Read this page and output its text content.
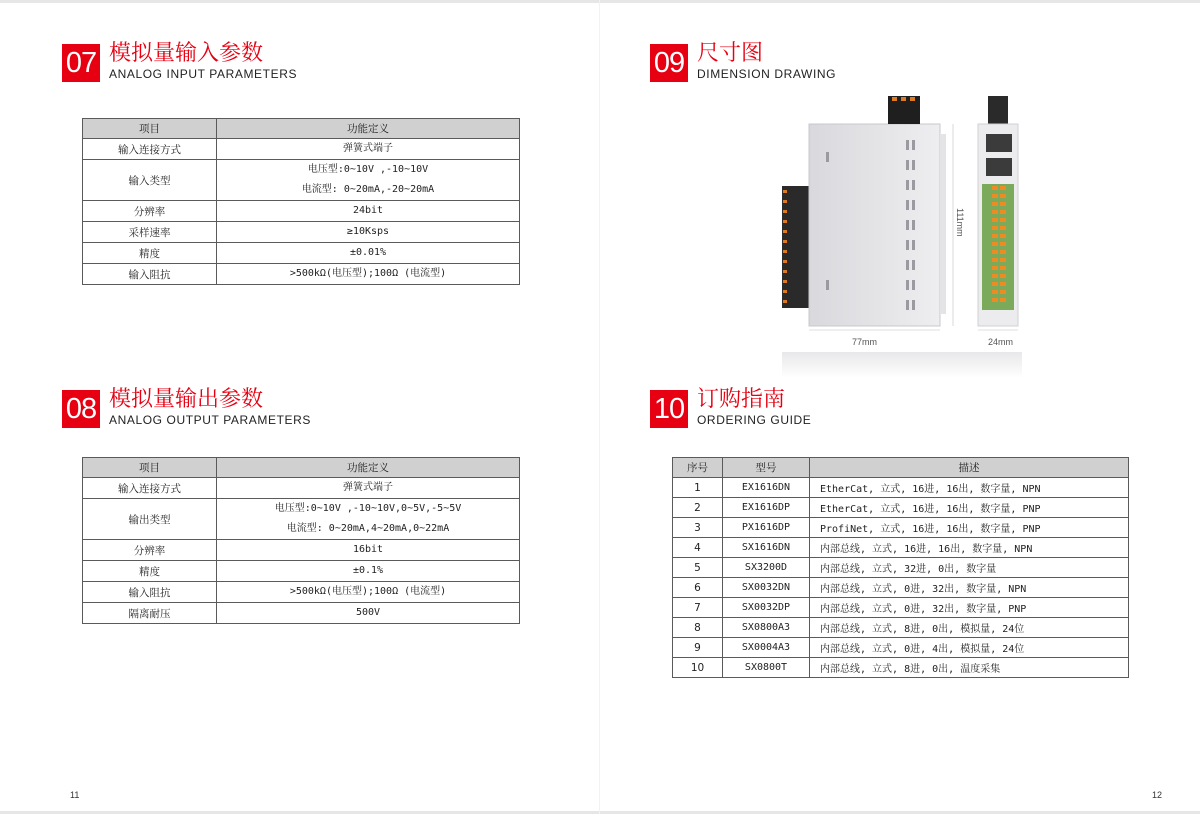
07 模拟量输入参数
ANALOG INPUT PARAMETERS
项目	功能定义
输入连接方式	弹簧式端子

输入类型	电压型:0~10V ,-10~10V
电流型: 0~20mA,-20~20mA

分辨率	24bit

采样速率	≥10Ksps

精度	±0.01%

输入阻抗	>500kΩ(电压型);100Ω (电流型)
08 模拟量输出参数
ANALOG OUTPUT PARAMETERS
项目	功能定义
输入连接方式	弹簧式端子

输出类型	电压型:0~10V ,-10~10V,0~5V,-5~5V
电流型: 0~20mA,4~20mA,0~22mA

分辨率	16bit

精度	±0.1%

输入阻抗	>500kΩ(电压型);100Ω (电流型)

隔离耐压	500V
09 尺寸图
DIMENSION DRAWING
111mm
77mm	24mm
10 订购指南
ORDERING GUIDE
序号	型号	描述
1	EX1616DN	EtherCat, 立式, 16进, 16出, 数字量, NPN
2	EX1616DP	EtherCat, 立式, 16进, 16出, 数字量, PNP
3	PX1616DP	ProfiNet, 立式, 16进, 16出, 数字量, PNP
4	SX1616DN	内部总线, 立式, 16进, 16出, 数字量, NPN
5	SX3200D	内部总线, 立式, 32进, 0出, 数字量
6	SX0032DN	内部总线, 立式, 0进, 32出, 数字量, NPN
7	SX0032DP	内部总线, 立式, 0进, 32出, 数字量, PNP
8	SX0800A3	内部总线, 立式, 8进, 0出, 模拟量, 24位
9	SX0004A3	内部总线, 立式, 0进, 4出, 模拟量, 24位
10	SX0800T	内部总线, 立式, 8进, 0出, 温度采集
11	12
